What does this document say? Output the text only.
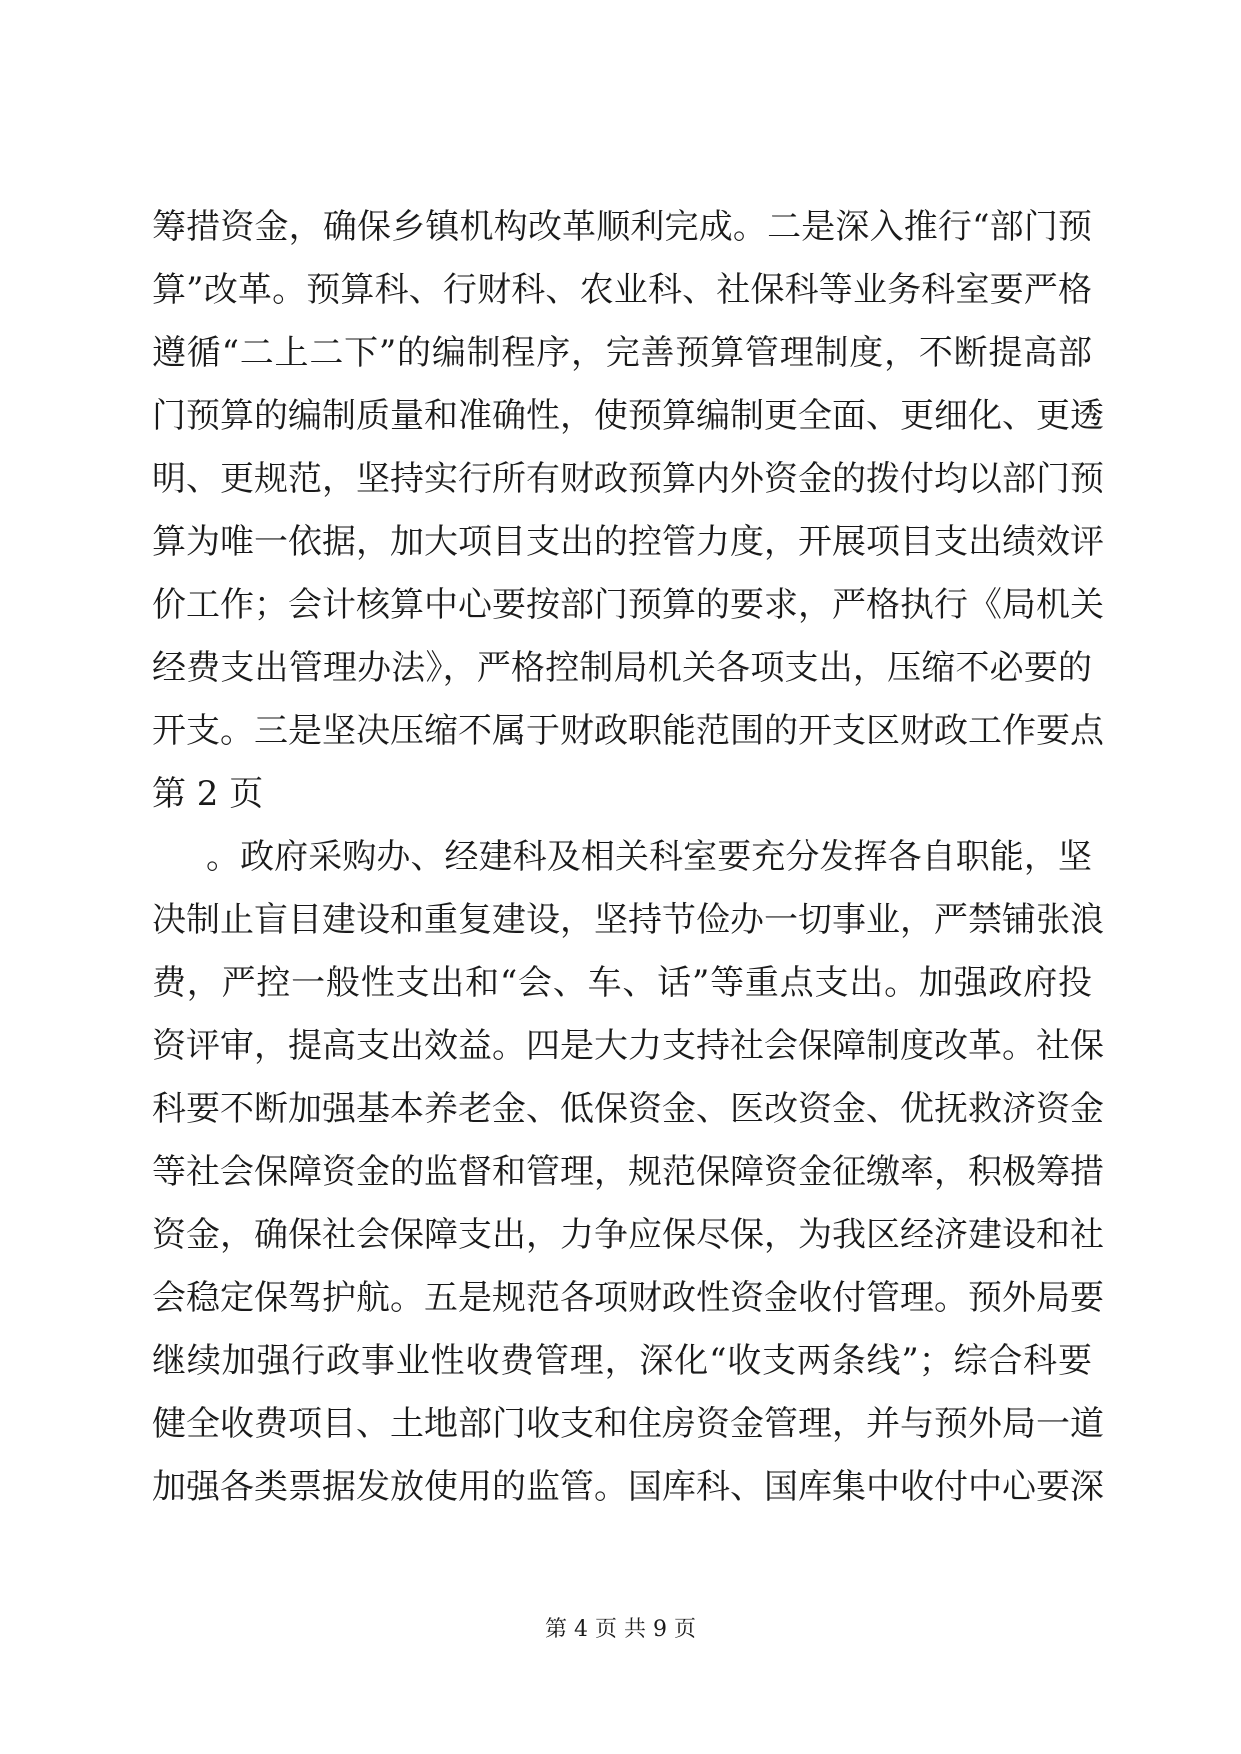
筹措资金，确保乡镇机构改革顺利完成。二是深入推行“部门预
算”改革。预算科、行财科、农业科、社保科等业务科室要严格
遵循“二上二下”的编制程序，完善预算管理制度，不断提高部
门预算的编制质量和准确性，使预算编制更全面、更细化、更透
明、更规范，坚持实行所有财政预算内外资金的拨付均以部门预
算为唯一依据，加大项目支出的控管力度，开展项目支出绩效评
价工作；会计核算中心要按部门预算的要求，严格执行《局机关
经费支出管理办法》，严格控制局机关各项支出，压缩不必要的
开支。三是坚决压缩不属于财政职能范围的开支区财政工作要点
第 2 页
。政府采购办、经建科及相关科室要充分发挥各自职能，坚
决制止盲目建设和重复建设，坚持节俭办一切事业，严禁铺张浪
费，严控一般性支出和“会、车、话”等重点支出。加强政府投
资评审，提高支出效益。四是大力支持社会保障制度改革。社保
科要不断加强基本养老金、低保资金、医改资金、优抚救济资金
等社会保障资金的监督和管理，规范保障资金征缴率，积极筹措
资金，确保社会保障支出，力争应保尽保，为我区经济建设和社
会稳定保驾护航。五是规范各项财政性资金收付管理。预外局要
继续加强行政事业性收费管理，深化“收支两条线”；综合科要
健全收费项目、土地部门收支和住房资金管理，并与预外局一道
加强各类票据发放使用的监管。国库科、国库集中收付中心要深
第 4 页 共 9 页
